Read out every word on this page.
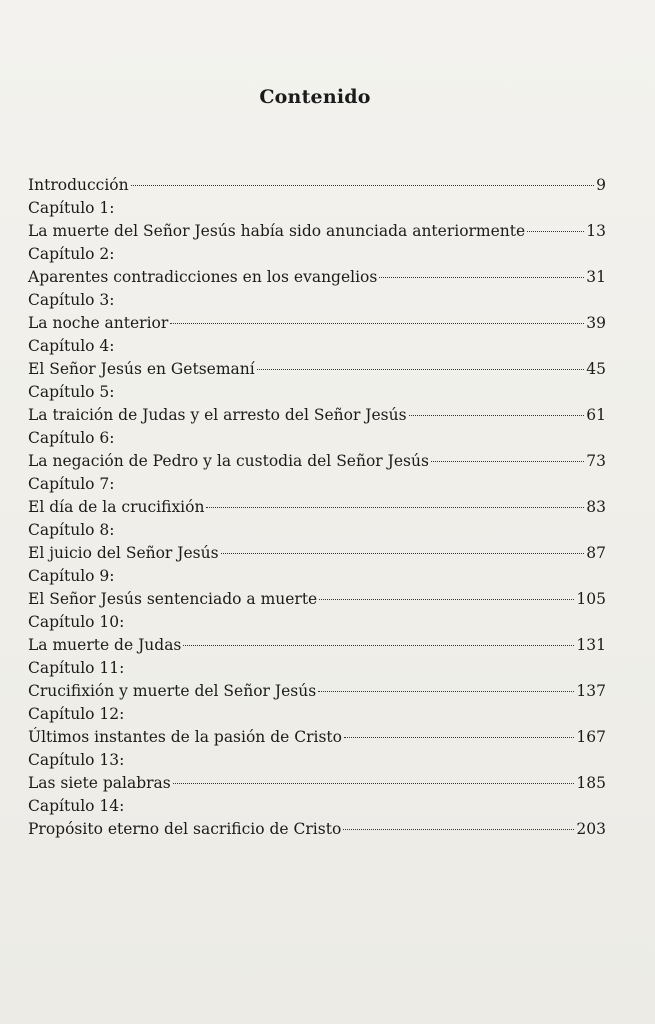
Contenido
Introducción	9
Capítulo 1:
La muerte del Señor Jesús había sido anunciada anteriormente	13
Capítulo 2:
Aparentes contradicciones en los evangelios	31
Capítulo 3:
La noche anterior	39
Capítulo 4:
El Señor Jesús en Getsemaní	45
Capítulo 5:
La traición de Judas y el arresto del Señor Jesús	61
Capítulo 6:
La negación de Pedro y la custodia del Señor Jesús	73
Capítulo 7:
El día de la crucifixión	83
Capítulo 8:
El juicio del Señor Jesús	87
Capítulo 9:
El Señor Jesús sentenciado a muerte	105
Capítulo 10:
La muerte de Judas	131
Capítulo 11:
Crucifixión y muerte del Señor Jesús	137
Capítulo 12:
Últimos instantes de la pasión de Cristo	167
Capítulo 13:
Las siete palabras	185
Capítulo 14:
Propósito eterno del sacrificio de Cristo	203
